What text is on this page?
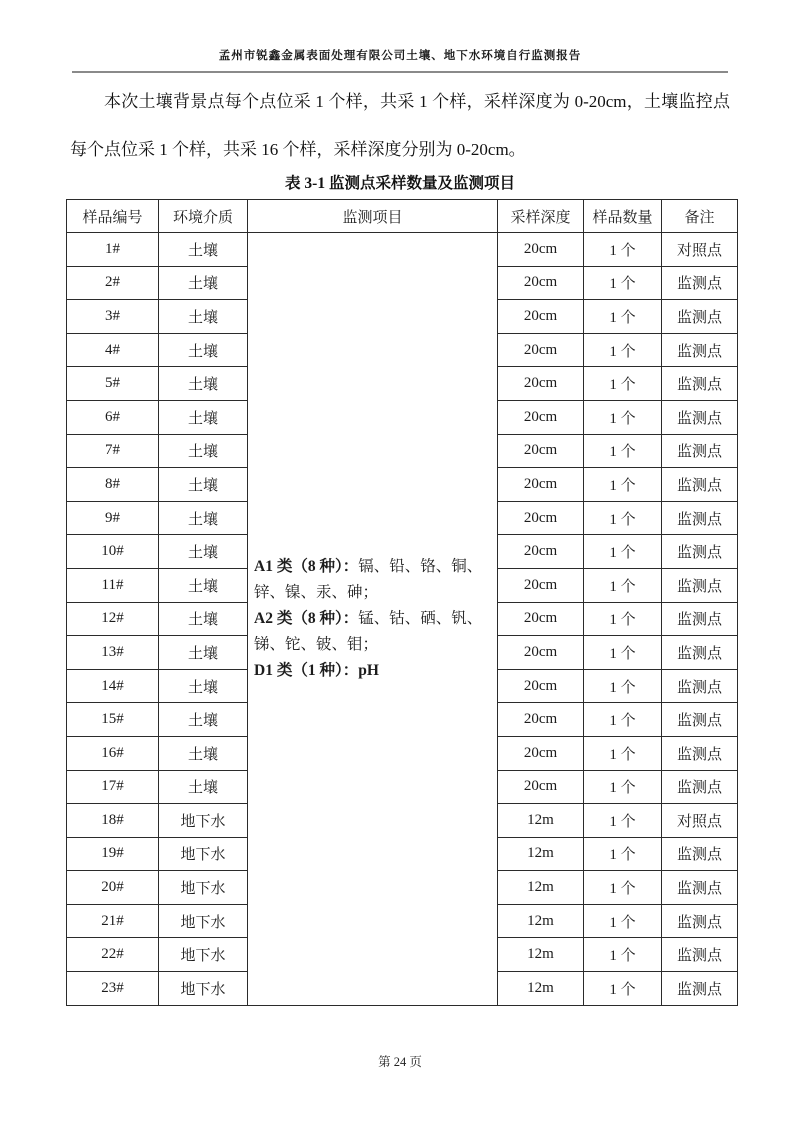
孟州市锐鑫金属表面处理有限公司土壤、地下水环境自行监测报告

本次土壤背景点每个点位采 1 个样，共采 1 个样，采样深度为 0-20cm，土壤监控点每个点位采 1 个样，共采 16 个样，采样深度分别为 0-20cm。

表 3-1 监测点采样数量及监测项目
样品编号	环境介质	监测项目	采样深度	样品数量	备注
1#	土壤	A1 类（8 种）：镉、铅、铬、铜、锌、镍、汞、砷；
A2 类（8 种）：锰、钴、硒、钒、锑、铊、铍、钼；
D1 类（1 种）：pH	20cm	1 个	对照点
2#	土壤		20cm	1 个	监测点
3#	土壤		20cm	1 个	监测点
4#	土壤		20cm	1 个	监测点
5#	土壤		20cm	1 个	监测点
6#	土壤		20cm	1 个	监测点
7#	土壤		20cm	1 个	监测点
8#	土壤		20cm	1 个	监测点
9#	土壤		20cm	1 个	监测点
10#	土壤		20cm	1 个	监测点
11#	土壤		20cm	1 个	监测点
12#	土壤		20cm	1 个	监测点
13#	土壤		20cm	1 个	监测点
14#	土壤		20cm	1 个	监测点
15#	土壤		20cm	1 个	监测点
16#	土壤		20cm	1 个	监测点
17#	土壤		20cm	1 个	监测点
18#	地下水		12m	1 个	对照点
19#	地下水		12m	1 个	监测点
20#	地下水		12m	1 个	监测点
21#	地下水		12m	1 个	监测点
22#	地下水		12m	1 个	监测点
23#	地下水		12m	1 个	监测点
第 24 页
